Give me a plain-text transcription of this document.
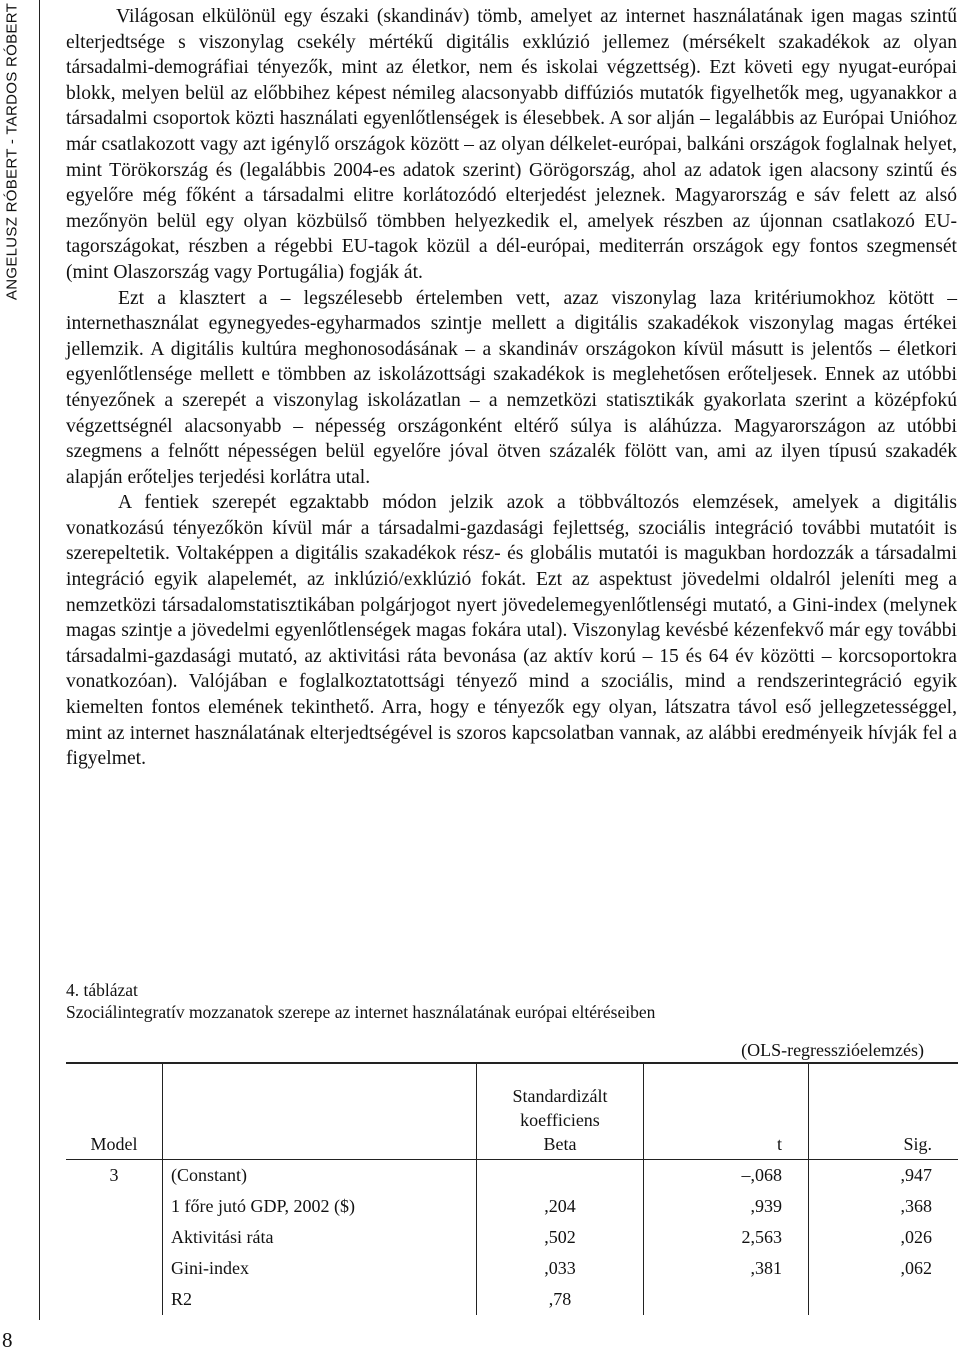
ANGELUSZ RÓBERT - TARDOS RÓBERT
8

Világosan elkülönül egy északi (skandináv) tömb, amelyet az internet használatának igen magas szintű elterjedtsége s viszonylag csekély mértékű digitális exklúzió jellemez (mérsékelt szakadékok az olyan társadalmi-demográfiai tényezők, mint az életkor, nem és iskolai végzettség). Ezt követi egy nyugat-európai blokk, melyen belül az előbbihez képest némileg alacsonyabb diffúziós mutatók figyelhetők meg, ugyanakkor a társadalmi csoportok közti használati egyenlőtlenségek is élesebbek. A sor alján – legalábbis az Európai Unióhoz már csatlakozott vagy azt igénylő országok között – az olyan délkelet-európai, balkáni országok foglalnak helyet, mint Törökország és (legalábbis 2004-es adatok szerint) Görögország, ahol az adatok igen alacsony szintű és egyelőre még főként a társadalmi elitre korlátozódó elterjedést jeleznek. Magyarország e sáv felett az alsó mezőnyön belül egy olyan közbülső tömbben helyezkedik el, amelyek részben az újonnan csatlakozó EU-tagországokat, részben a régebbi EU-tagok közül a dél-európai, mediterrán országok egy fontos szegmensét (mint Olaszország vagy Portugália) fogják át.

Ezt a klasztert a – legszélesebb értelemben vett, azaz viszonylag laza kritériumokhoz kötött – internethasználat egynegyedes-egyharmados szintje mellett a digitális szakadékok viszonylag magas értékei jellemzik. A digitális kultúra meghonosodásának – a skandináv országokon kívül másutt is jelentős – életkori egyenlőtlensége mellett e tömbben az iskolázottsági szakadékok is meglehetősen erőteljesek. Ennek az utóbbi tényezőnek a szerepét a viszonylag iskolázatlan – a nemzetközi statisztikák gyakorlata szerint a középfokú végzettségnél alacsonyabb – népesség országonként eltérő súlya is aláhúzza. Magyarországon az utóbbi szegmens a felnőtt népességen belül egyelőre jóval ötven százalék fölött van, ami az ilyen típusú szakadék alapján erőteljes terjedési korlátra utal.

A fentiek szerepét egzaktabb módon jelzik azok a többváltozós elemzések, amelyek a digitális vonatkozású tényezőkön kívül már a társadalmi-gazdasági fejlettség, szociális integráció további mutatóit is szerepeltetik. Voltaképpen a digitális szakadékok rész- és globális mutatói is magukban hordozzák a társadalmi integráció egyik alapelemét, az inklúzió/exklúzió fokát. Ezt az aspektust jövedelmi oldalról jeleníti meg a nemzetközi társadalomstatisztikában polgárjogot nyert jövedelemegyenlőtlenségi mutató, a Gini-index (melynek magas szintje a jövedelmi egyenlőtlenségek magas fokára utal). Viszonylag kevésbé kézenfekvő már egy további társadalmi-gazdasági mutató, az aktivitási ráta bevonása (az aktív korú – 15 és 64 év közötti – korcsoportokra vonatkozóan). Valójában e foglalkoztatottsági tényező mind a szociális, mind a rendszerintegráció egyik kiemelten fontos elemének tekinthető. Arra, hogy e tényezők egy olyan, látszatra távol eső jellegzetességgel, mint az internet használatának elterjedtségével is szoros kapcsolatban vannak, az alábbi eredményeik hívják fel a figyelmet.

4. táblázat
Szociálintegratív mozzanatok szerepe az internet használatának európai eltéréseiben
(OLS-regresszióelemzés)
Model		Standardizált
koefficiens
Beta	t	Sig.
3	(Constant)		–,068	,947
	1 főre jutó GDP, 2002 ($)	,204	,939	,368
	Aktivitási ráta	,502	2,563	,026
	Gini-index	,033	,381	,062
	R2	,78		
